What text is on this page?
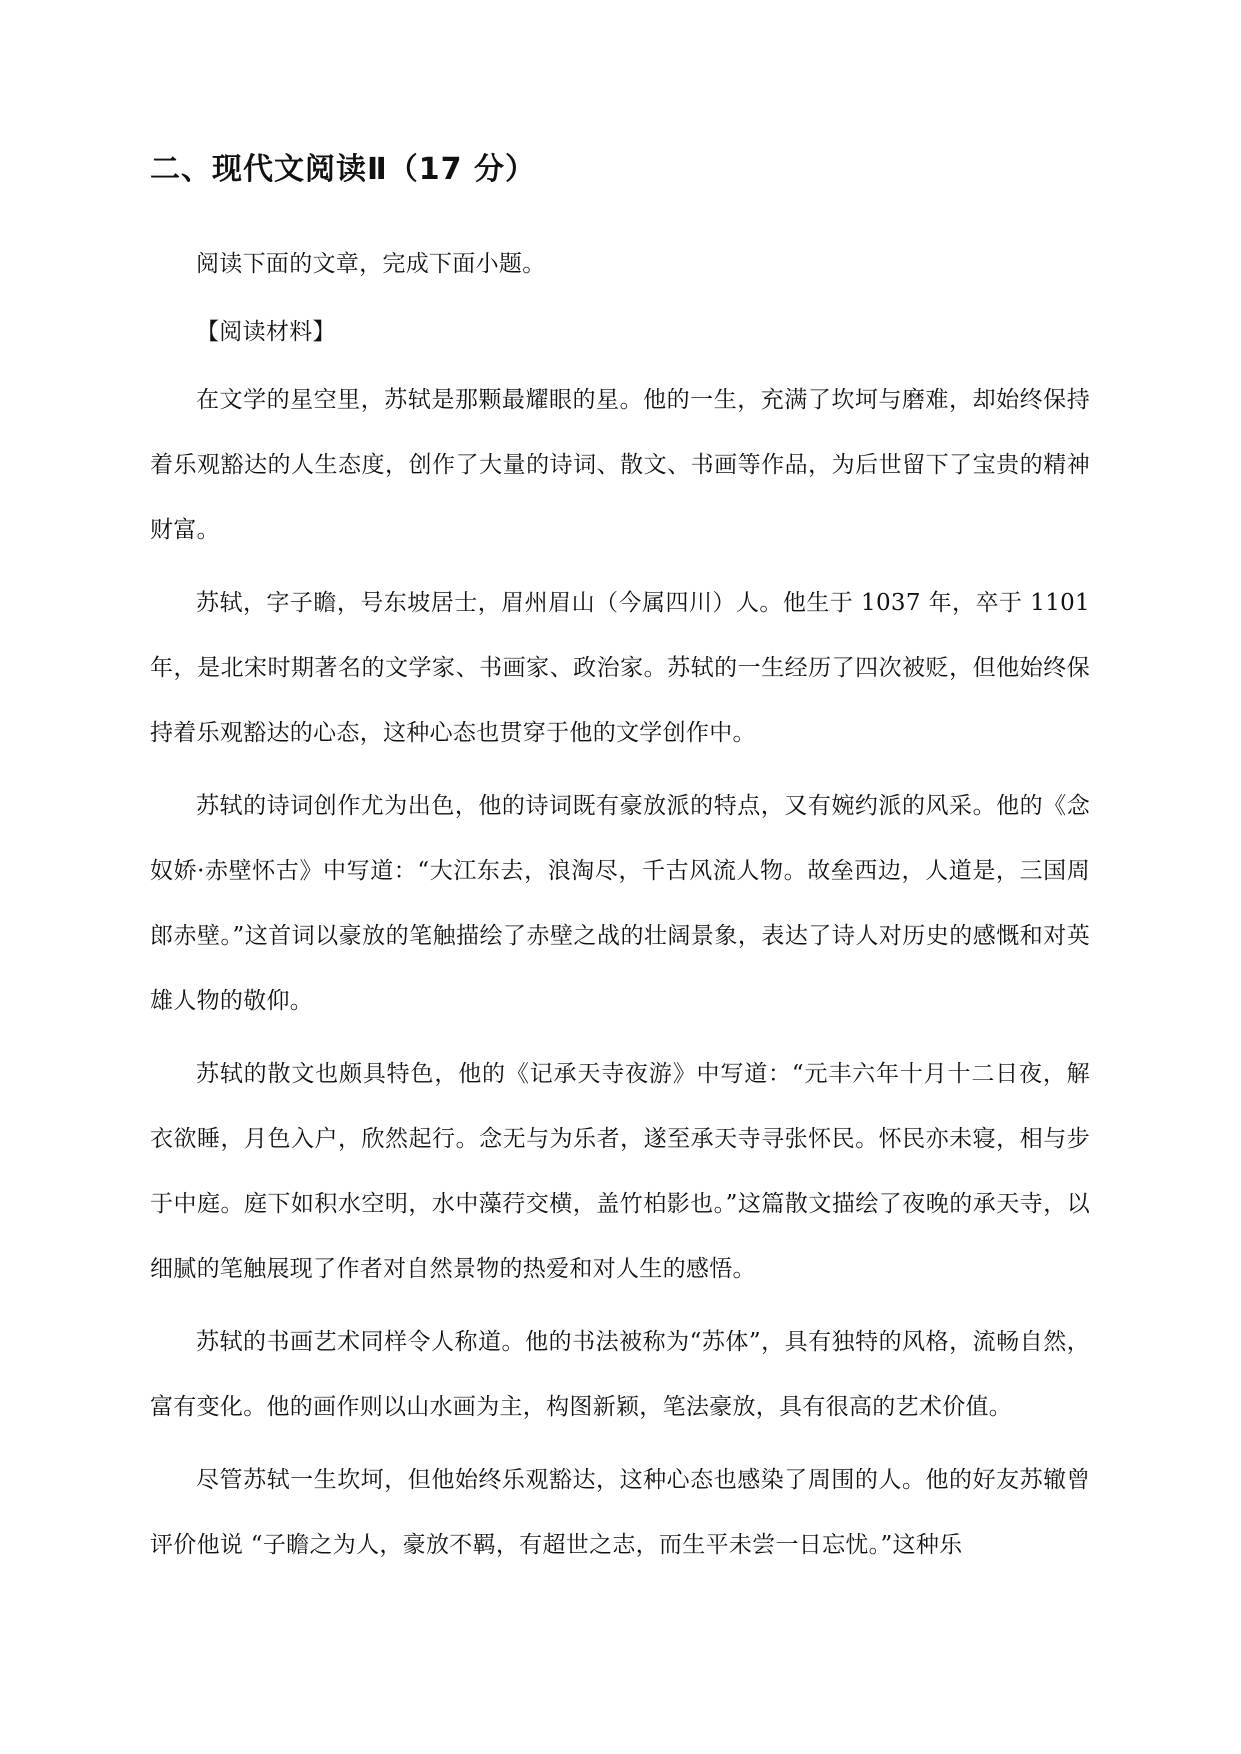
二、现代文阅读Ⅱ（17 分）

阅读下面的文章，完成下面小题。

【阅读材料】

在文学的星空里，苏轼是那颗最耀眼的星。他的一生，充满了坎坷与磨难，却始终保持着乐观豁达的人生态度，创作了大量的诗词、散文、书画等作品，为后世留下了宝贵的精神财富。

苏轼，字子瞻，号东坡居士，眉州眉山（今属四川）人。他生于 1037 年，卒于 1101 年，是北宋时期著名的文学家、书画家、政治家。苏轼的一生经历了四次被贬，但他始终保持着乐观豁达的心态，这种心态也贯穿于他的文学创作中。

苏轼的诗词创作尤为出色，他的诗词既有豪放派的特点，又有婉约派的风采。他的《念奴娇·赤壁怀古》中写道：“大江东去，浪淘尽，千古风流人物。故垒西边，人道是，三国周郎赤壁。”这首词以豪放的笔触描绘了赤壁之战的壮阔景象，表达了诗人对历史的感慨和对英雄人物的敬仰。

苏轼的散文也颇具特色，他的《记承天寺夜游》中写道：“元丰六年十月十二日夜，解衣欲睡，月色入户，欣然起行。念无与为乐者，遂至承天寺寻张怀民。怀民亦未寝，相与步于中庭。庭下如积水空明，水中藻荇交横，盖竹柏影也。”这篇散文描绘了夜晚的承天寺，以细腻的笔触展现了作者对自然景物的热爱和对人生的感悟。

苏轼的书画艺术同样令人称道。他的书法被称为“苏体”，具有独特的风格，流畅自然，富有变化。他的画作则以山水画为主，构图新颖，笔法豪放，具有很高的艺术价值。

尽管苏轼一生坎坷，但他始终乐观豁达，这种心态也感染了周围的人。他的好友苏辙曾评价他说 “子瞻之为人，豪放不羁，有超世之志，而生平未尝一日忘忧。”这种乐
